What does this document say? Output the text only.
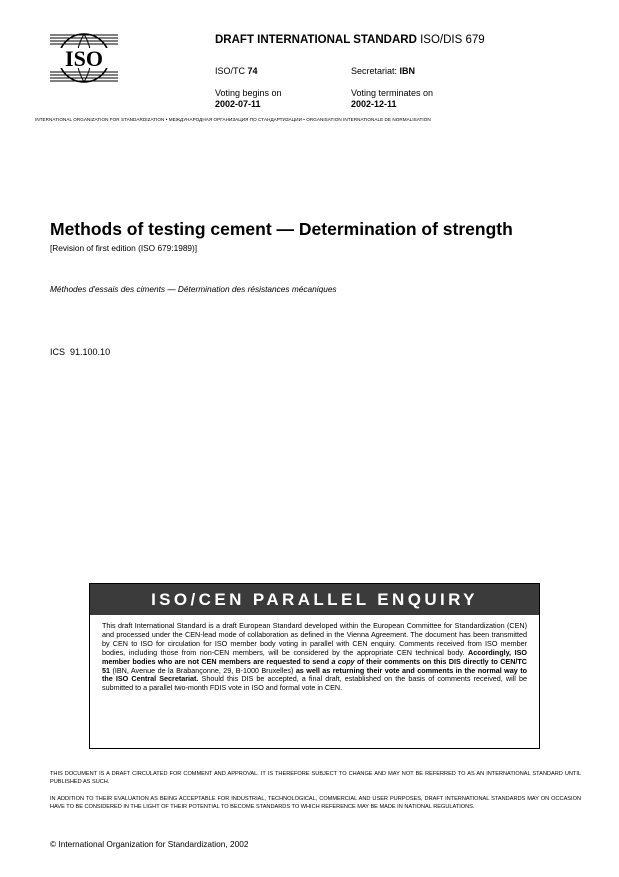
ISO
DRAFT INTERNATIONAL STANDARD ISO/DIS 679
ISO/TC 74	Secretariat: IBN
Voting begins on
2002-07-11
Voting terminates on
2002-12-11
INTERNATIONAL ORGANIZATION FOR STANDARDIZATION • МЕЖДУНАРОДНАЯ ОРГАНИЗАЦИЯ ПО СТАНДАРТИЗАЦИИ • ORGANISATION INTERNATIONALE DE NORMALISATION
Methods of testing cement — Determination of strength
[Revision of first edition (ISO 679:1989)]
Méthodes d'essais des ciments — Détermination des résistances mécaniques
ICS 91.100.10
ISO/CEN PARALLEL ENQUIRY
This draft International Standard is a draft European Standard developed within the European Committee for Standardization (CEN) and processed under the CEN-lead mode of collaboration as defined in the Vienna Agreement. The document has been transmitted by CEN to ISO for circulation for ISO member body voting in parallel with CEN enquiry. Comments received from ISO member bodies, including those from non-CEN members, will be considered by the appropriate CEN technical body. Accordingly, ISO member bodies who are not CEN members are requested to send a copy of their comments on this DIS directly to CEN/TC 51 (IBN, Avenue de la Brabançonne, 29, B-1000 Bruxelles) as well as returning their vote and comments in the normal way to the ISO Central Secretariat. Should this DIS be accepted, a final draft, established on the basis of comments received, will be submitted to a parallel two-month FDIS vote in ISO and formal vote in CEN.
THIS DOCUMENT IS A DRAFT CIRCULATED FOR COMMENT AND APPROVAL. IT IS THEREFORE SUBJECT TO CHANGE AND MAY NOT BE REFERRED TO AS AN INTERNATIONAL STANDARD UNTIL PUBLISHED AS SUCH.
IN ADDITION TO THEIR EVALUATION AS BEING ACCEPTABLE FOR INDUSTRIAL, TECHNOLOGICAL, COMMERCIAL AND USER PURPOSES, DRAFT INTERNATIONAL STANDARDS MAY ON OCCASION HAVE TO BE CONSIDERED IN THE LIGHT OF THEIR POTENTIAL TO BECOME STANDARDS TO WHICH REFERENCE MAY BE MADE IN NATIONAL REGULATIONS.
© International Organization for Standardization, 2002
